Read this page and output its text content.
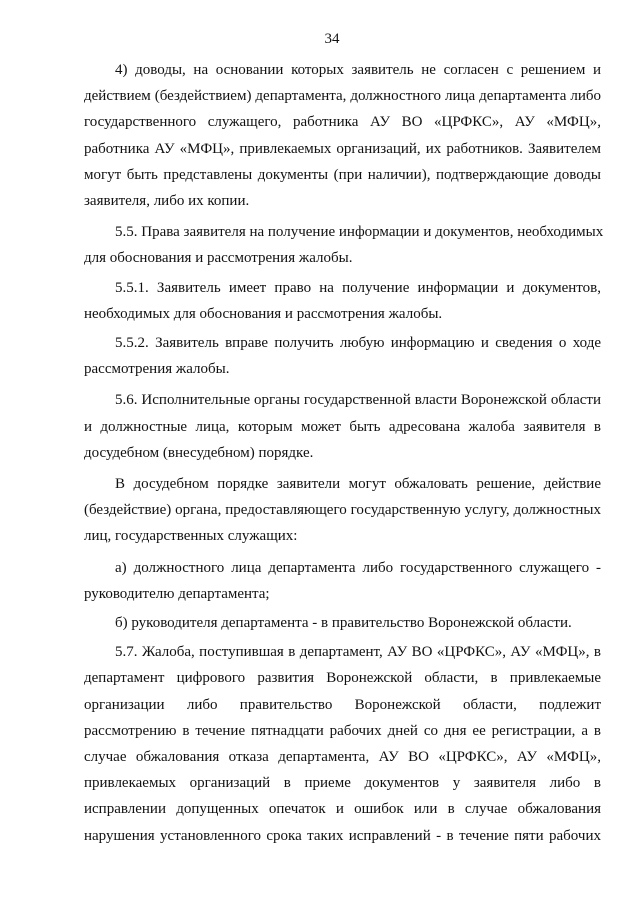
34
4) доводы, на основании которых заявитель не согласен с решением и
действием (бездействием) департамента, должностного лица департамента либо
государственного служащего, работника АУ ВО «ЦРФКС», АУ «МФЦ»,
работника АУ «МФЦ», привлекаемых организаций, их работников. Заявителем
могут быть представлены документы (при наличии), подтверждающие доводы
заявителя, либо их копии.
5.5. Права заявителя на получение информации и документов, необходимых
для обоснования и рассмотрения жалобы.
5.5.1. Заявитель имеет право на получение информации и документов,
необходимых для обоснования и рассмотрения жалобы.
5.5.2. Заявитель вправе получить любую информацию и сведения о ходе
рассмотрения жалобы.
5.6. Исполнительные органы государственной власти Воронежской области
и должностные лица, которым может быть адресована жалоба заявителя в
досудебном (внесудебном) порядке.
В досудебном порядке заявители могут обжаловать решение, действие
(бездействие) органа, предоставляющего государственную услугу, должностных
лиц, государственных служащих:
а) должностного лица департамента либо государственного служащего -
руководителю департамента;
б) руководителя департамента - в правительство Воронежской области.
5.7. Жалоба, поступившая в департамент, АУ ВО «ЦРФКС», АУ «МФЦ», в
департамент цифрового развития Воронежской области, в привлекаемые
организации либо правительство Воронежской области, подлежит
рассмотрению в течение пятнадцати рабочих дней со дня ее регистрации, а в
случае обжалования отказа департамента, АУ ВО «ЦРФКС», АУ «МФЦ»,
привлекаемых организаций в приеме документов у заявителя либо в
исправлении допущенных опечаток и ошибок или в случае обжалования
нарушения установленного срока таких исправлений - в течение пяти рабочих
